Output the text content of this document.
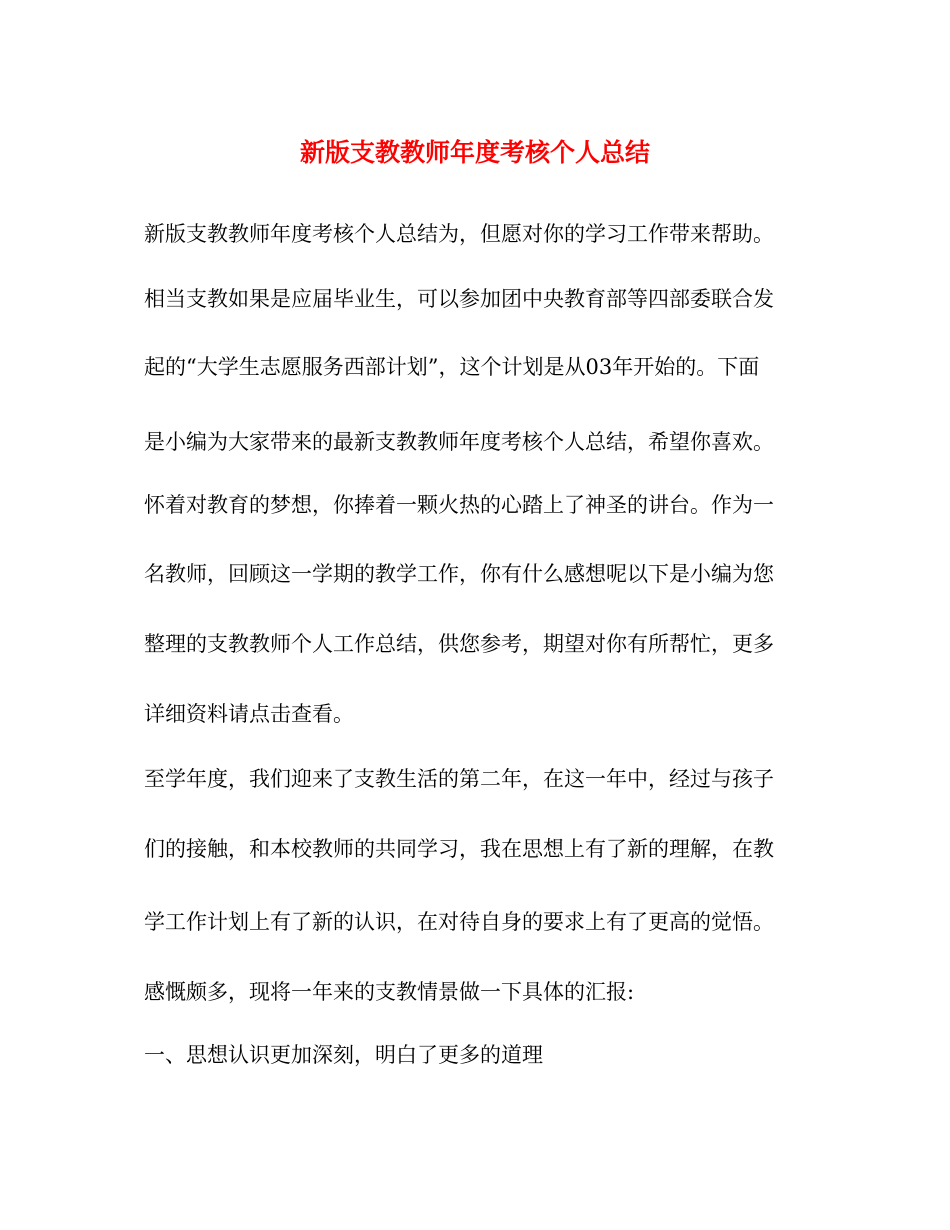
新版支教教师年度考核个人总结
新版支教教师年度考核个人总结为，但愿对你的学习工作带来帮助。
相当支教如果是应届毕业生，可以参加团中央教育部等四部委联合发
起的“大学生志愿服务西部计划”，这个计划是从03年开始的。下面
是小编为大家带来的最新支教教师年度考核个人总结，希望你喜欢。
怀着对教育的梦想，你捧着一颗火热的心踏上了神圣的讲台。作为一
名教师，回顾这一学期的教学工作，你有什么感想呢以下是小编为您
整理的支教教师个人工作总结，供您参考，期望对你有所帮忙，更多
详细资料请点击查看。
至学年度，我们迎来了支教生活的第二年，在这一年中，经过与孩子
们的接触，和本校教师的共同学习，我在思想上有了新的理解，在教
学工作计划上有了新的认识，在对待自身的要求上有了更高的觉悟。
感慨颇多，现将一年来的支教情景做一下具体的汇报:
一、思想认识更加深刻，明白了更多的道理
